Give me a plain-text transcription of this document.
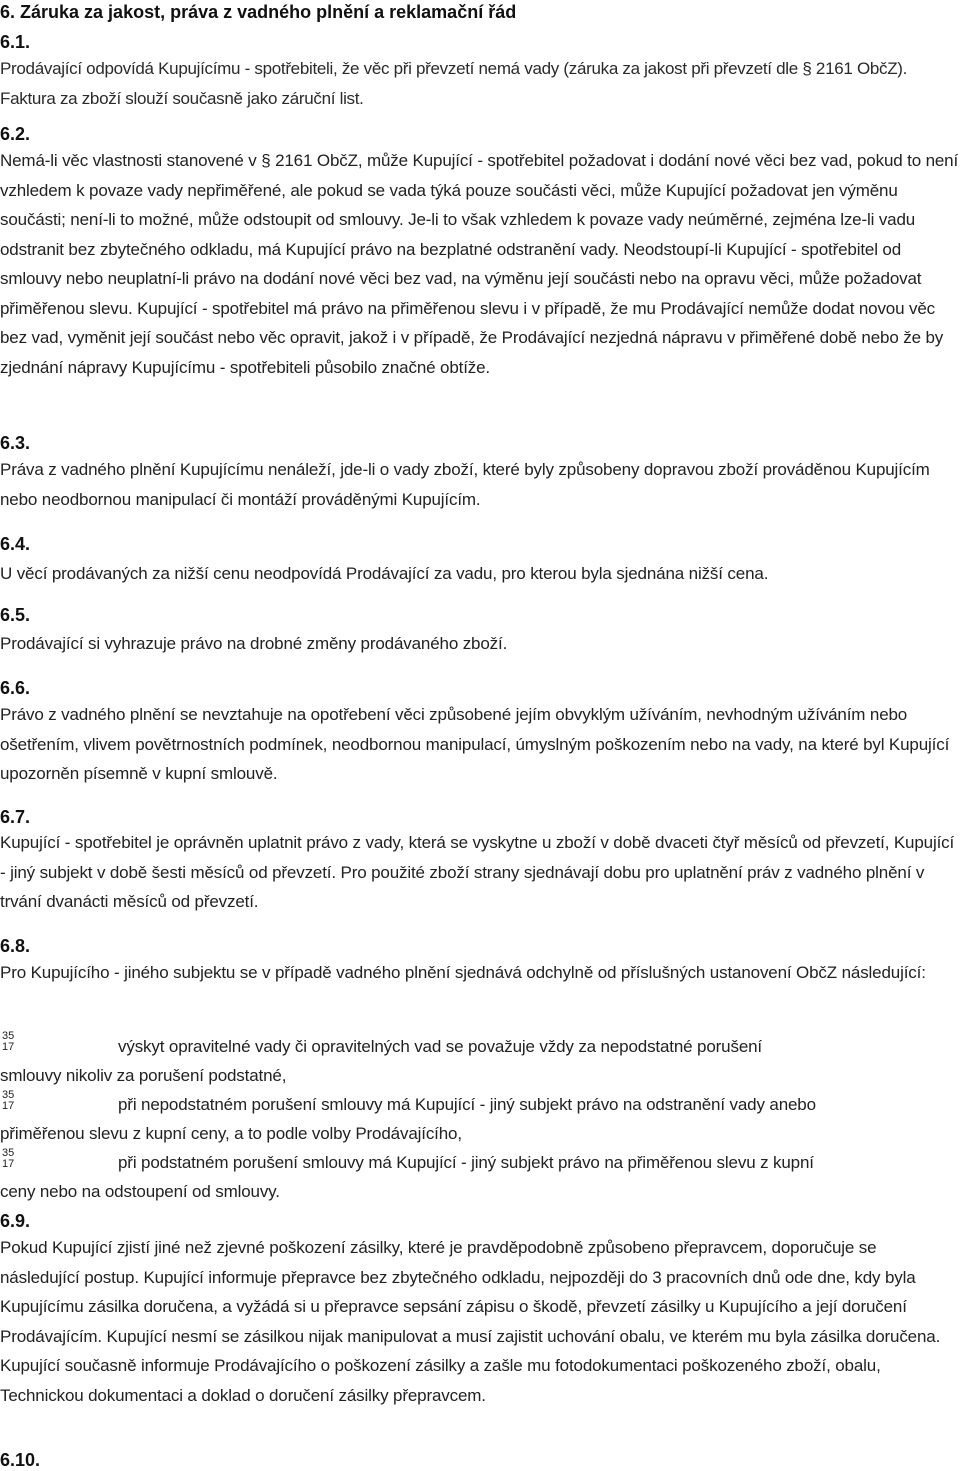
6. Záruka za jakost, práva z vadného plnění a reklamační řád
6.1.

Prodávající odpovídá Kupujícímu - spotřebiteli, že věc při převzetí nemá vady (záruka za jakost při převzetí dle § 2161 ObčZ). Faktura za zboží slouží současně jako záruční list.

6.2.

Nemá-li věc vlastnosti stanovené v § 2161 ObčZ, může Kupující - spotřebitel požadovat i dodání nové věci bez vad, pokud to není vzhledem k povaze vady nepřiměřené, ale pokud se vada týká pouze součásti věci, může Kupující požadovat jen výměnu součásti; není-li to možné, může odstoupit od smlouvy. Je-li to však vzhledem k povaze vady neúměrné, zejména lze-li vadu odstranit bez zbytečného odkladu, má Kupující právo na bezplatné odstranění vady. Neodstoupí-li Kupující - spotřebitel od smlouvy nebo neuplatní-li právo na dodání nové věci bez vad, na výměnu její součásti nebo na opravu věci, může požadovat přiměřenou slevu. Kupující - spotřebitel má právo na přiměřenou slevu i v případě, že mu Prodávající nemůže dodat novou věc bez vad, vyměnit její součást nebo věc opravit, jakož i v případě, že Prodávající nezjedná nápravu v přiměřené době nebo že by zjednání nápravy Kupujícímu - spotřebiteli působilo značné obtíže.

6.3.

Práva z vadného plnění Kupujícímu nenáleží, jde-li o vady zboží, které byly způsobeny dopravou zboží prováděnou Kupujícím nebo neodbornou manipulací či montáží prováděnými Kupujícím.

6.4.

U věcí prodávaných za nižší cenu neodpovídá Prodávající za vadu, pro kterou byla sjednána nižší cena.

6.5.

Prodávající si vyhrazuje právo na drobné změny prodávaného zboží.

6.6.

Právo z vadného plnění se nevztahuje na opotřebení věci způsobené jejím obvyklým užíváním, nevhodným užíváním nebo ošetřením, vlivem povětrnostních podmínek, neodbornou manipulací, úmyslným poškozením nebo na vady, na které byl Kupující upozorněn písemně v kupní smlouvě.

6.7.

Kupující - spotřebitel je oprávněn uplatnit právo z vady, která se vyskytne u zboží v době dvaceti čtyř měsíců od převzetí, Kupující - jiný subjekt v době šesti měsíců od převzetí. Pro použité zboží strany sjednávají dobu pro uplatnění práv z vadného plnění v trvání dvanácti měsíců od převzetí.

6.8.

Pro Kupujícího - jiného subjektu se v případě vadného plnění sjednává odchylně od příslušných ustanovení ObčZ následující:

35
17	výskyt opravitelné vady či opravitelných vad se považuje vždy za nepodstatné porušení
smlouvy nikoliv za porušení podstatné,
35
17	při nepodstatném porušení smlouvy má Kupující - jiný subjekt právo na odstranění vady anebo
přiměřenou slevu z kupní ceny, a to podle volby Prodávajícího,
35
17	při podstatném porušení smlouvy má Kupující - jiný subjekt právo na přiměřenou slevu z kupní
ceny nebo na odstoupení od smlouvy.
6.9.

Pokud Kupující zjistí jiné než zjevné poškození zásilky, které je pravděpodobně způsobeno přepravcem, doporučuje se následující postup. Kupující informuje přepravce bez zbytečného odkladu, nejpozději do 3 pracovních dnů ode dne, kdy byla Kupujícímu zásilka doručena, a vyžádá si u přepravce sepsání zápisu o škodě, převzetí zásilky u Kupujícího a její doručení Prodávajícím. Kupující nesmí se zásilkou nijak manipulovat a musí zajistit uchování obalu, ve kterém mu byla zásilka doručena. Kupující současně informuje Prodávajícího o poškození zásilky a zašle mu fotodokumentaci poškozeného zboží, obalu, Technickou dokumentaci a doklad o doručení zásilky přepravcem.

6.10.
